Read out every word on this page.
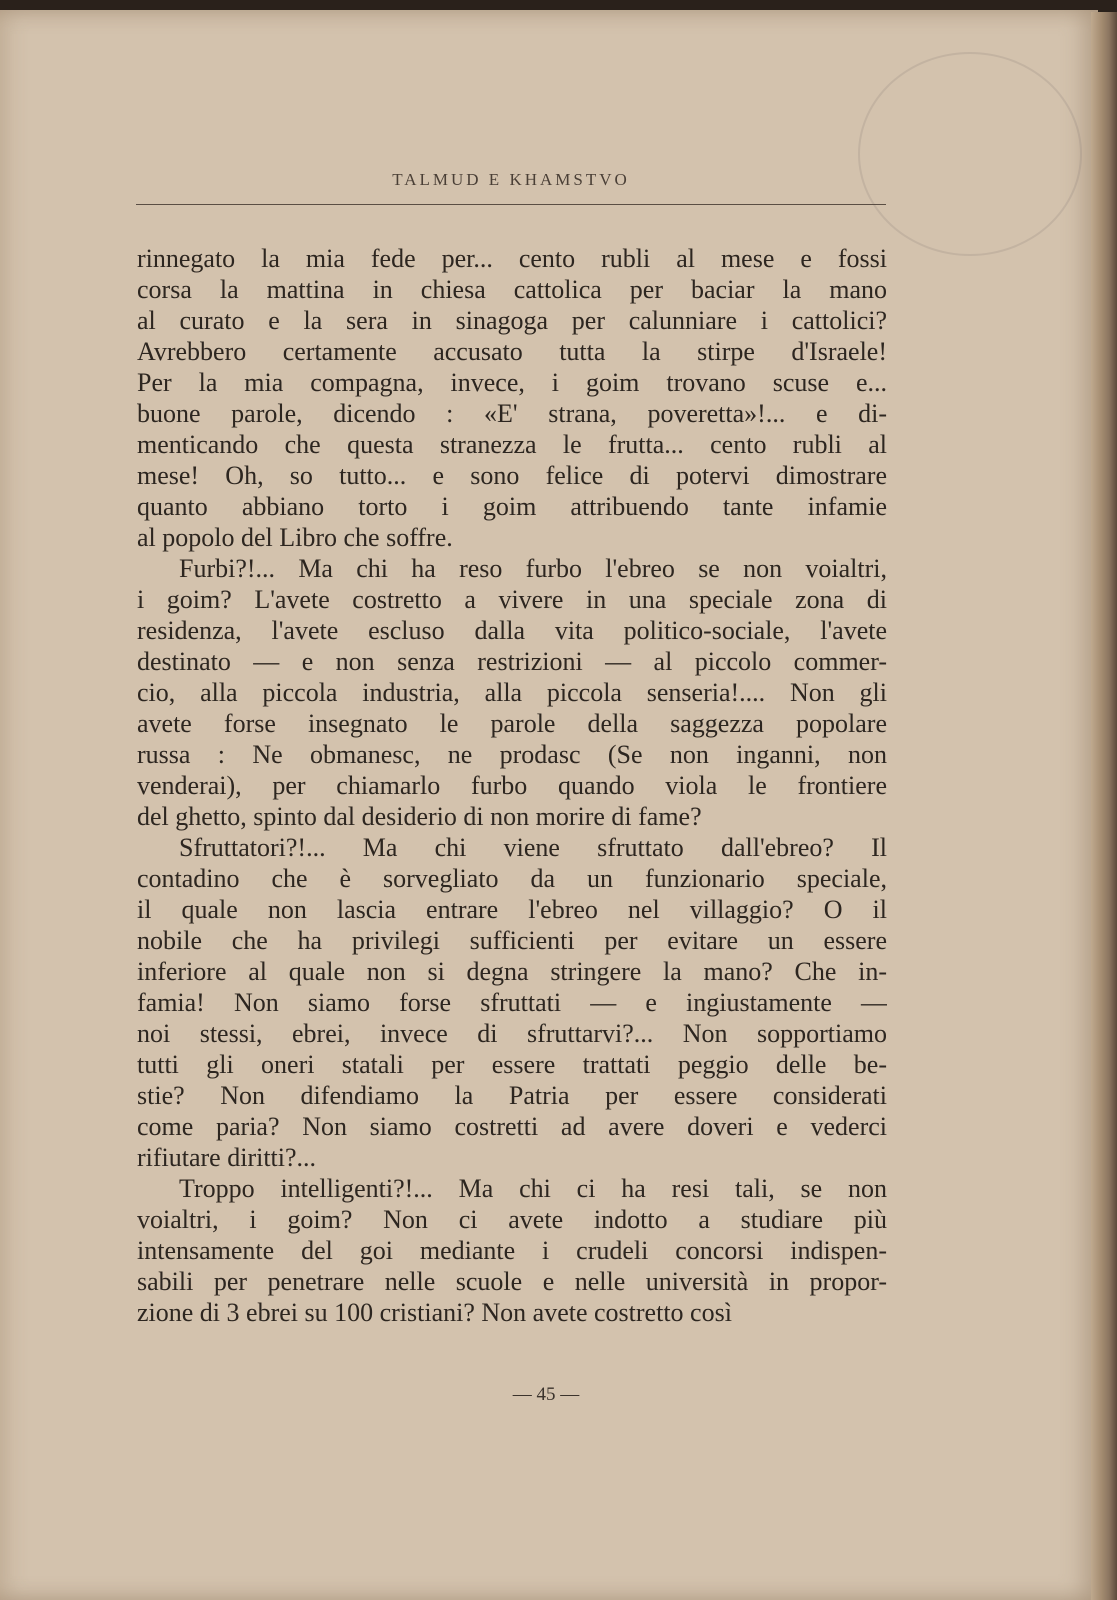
TALMUD E KHAMSTVO
rinnegato la mia fede per... cento rubli al mese e fossi
corsa la mattina in chiesa cattolica per baciar la mano
al curato e la sera in sinagoga per calunniare i cattolici?
Avrebbero certamente accusato tutta la stirpe d'Israele!
Per la mia compagna, invece, i goim trovano scuse e...
buone parole, dicendo : «E' strana, poveretta»!... e di-
menticando che questa stranezza le frutta... cento rubli al
mese! Oh, so tutto... e sono felice di potervi dimostrare
quanto abbiano torto i goim attribuendo tante infamie
al popolo del Libro che soffre.
Furbi?!... Ma chi ha reso furbo l'ebreo se non voialtri,
i goim? L'avete costretto a vivere in una speciale zona di
residenza, l'avete escluso dalla vita politico-sociale, l'avete
destinato — e non senza restrizioni — al piccolo commer-
cio, alla piccola industria, alla piccola senseria!.... Non gli
avete forse insegnato le parole della saggezza popolare
russa : Ne obmanesc, ne prodasc (Se non inganni, non
venderai), per chiamarlo furbo quando viola le frontiere
del ghetto, spinto dal desiderio di non morire di fame?
Sfruttatori?!... Ma chi viene sfruttato dall'ebreo? Il
contadino che è sorvegliato da un funzionario speciale,
il quale non lascia entrare l'ebreo nel villaggio? O il
nobile che ha privilegi sufficienti per evitare un essere
inferiore al quale non si degna stringere la mano? Che in-
famia! Non siamo forse sfruttati — e ingiustamente —
noi stessi, ebrei, invece di sfruttarvi?... Non sopportiamo
tutti gli oneri statali per essere trattati peggio delle be-
stie? Non difendiamo la Patria per essere considerati
come paria? Non siamo costretti ad avere doveri e vederci
rifiutare diritti?...
Troppo intelligenti?!... Ma chi ci ha resi tali, se non
voialtri, i goim? Non ci avete indotto a studiare più
intensamente del goi mediante i crudeli concorsi indispen-
sabili per penetrare nelle scuole e nelle università in propor-
zione di 3 ebrei su 100 cristiani? Non avete costretto così
— 45 —
